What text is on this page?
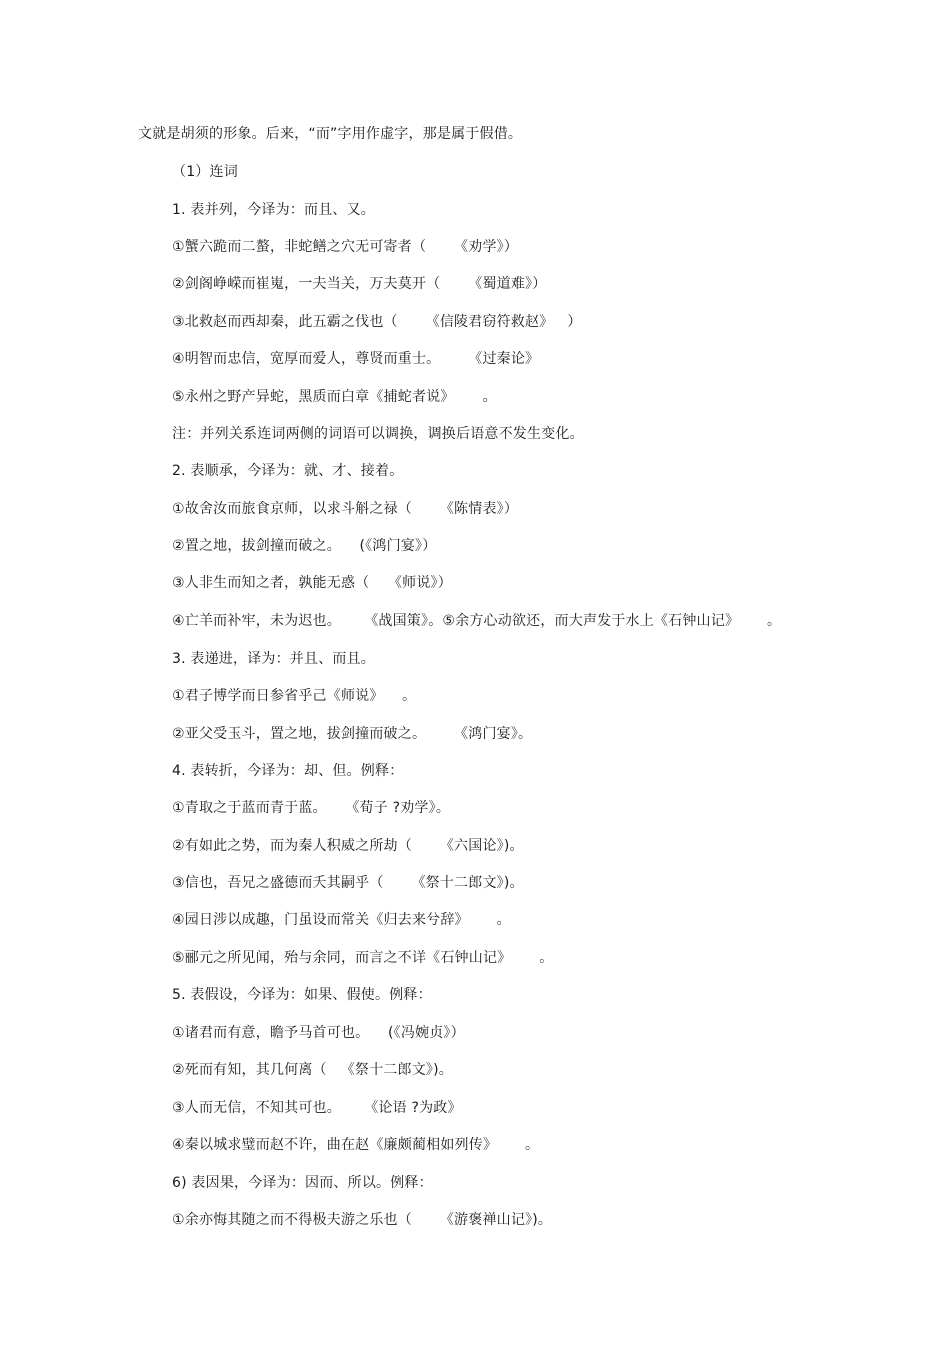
文就是胡须的形象。后来，“而”字用作虚字，那是属于假借。
（1）连词
1. 表并列，今译为：而且、又。
①蟹六跪而二螯，非蛇鳝之穴无可寄者（      《劝学》）
②剑阁峥嵘而崔嵬，一夫当关，万夫莫开（      《蜀道难》）
③北救赵而西却秦，此五霸之伐也（      《信陵君窃符救赵》   ）
④明智而忠信，宽厚而爱人，尊贤而重士。      《过秦论》
⑤永州之野产异蛇，黑质而白章《捕蛇者说》      。
注：并列关系连词两侧的词语可以调换，调换后语意不发生变化。
2. 表顺承，今译为：就、才、接着。
①故舍汝而旅食京师，以求斗斛之禄（      《陈情表》）
②置之地，拔剑撞而破之。    (《鸿门宴》）
③人非生而知之者，孰能无惑（    《师说》）
④亡羊而补牢，未为迟也。     《战国策》。⑤余方心动欲还，而大声发于水上《石钟山记》      。
3. 表递进，译为：并且、而且。
①君子博学而日参省乎己《师说》    。
②亚父受玉斗，置之地，拔剑撞而破之。      《鸿门宴》。
4. 表转折，今译为：却、但。例释：
①青取之于蓝而青于蓝。    《荀子 ?劝学》。
②有如此之势，而为秦人积威之所劫（      《六国论》)。
③信也，吾兄之盛德而夭其嗣乎（      《祭十二郎文》)。
④园日涉以成趣，门虽设而常关《归去来兮辞》      。
⑤郦元之所见闻，殆与余同，而言之不详《石钟山记》      。
5. 表假设，今译为：如果、假使。例释：
①诸君而有意，瞻予马首可也。    (《冯婉贞》）
②死而有知，其几何离（   《祭十二郎文》)。
③人而无信，不知其可也。     《论语 ?为政》
④秦以城求璧而赵不许，曲在赵《廉颇蔺相如列传》      。
6) 表因果，今译为：因而、所以。例释：
①余亦悔其随之而不得极夫游之乐也（      《游褒禅山记》)。
